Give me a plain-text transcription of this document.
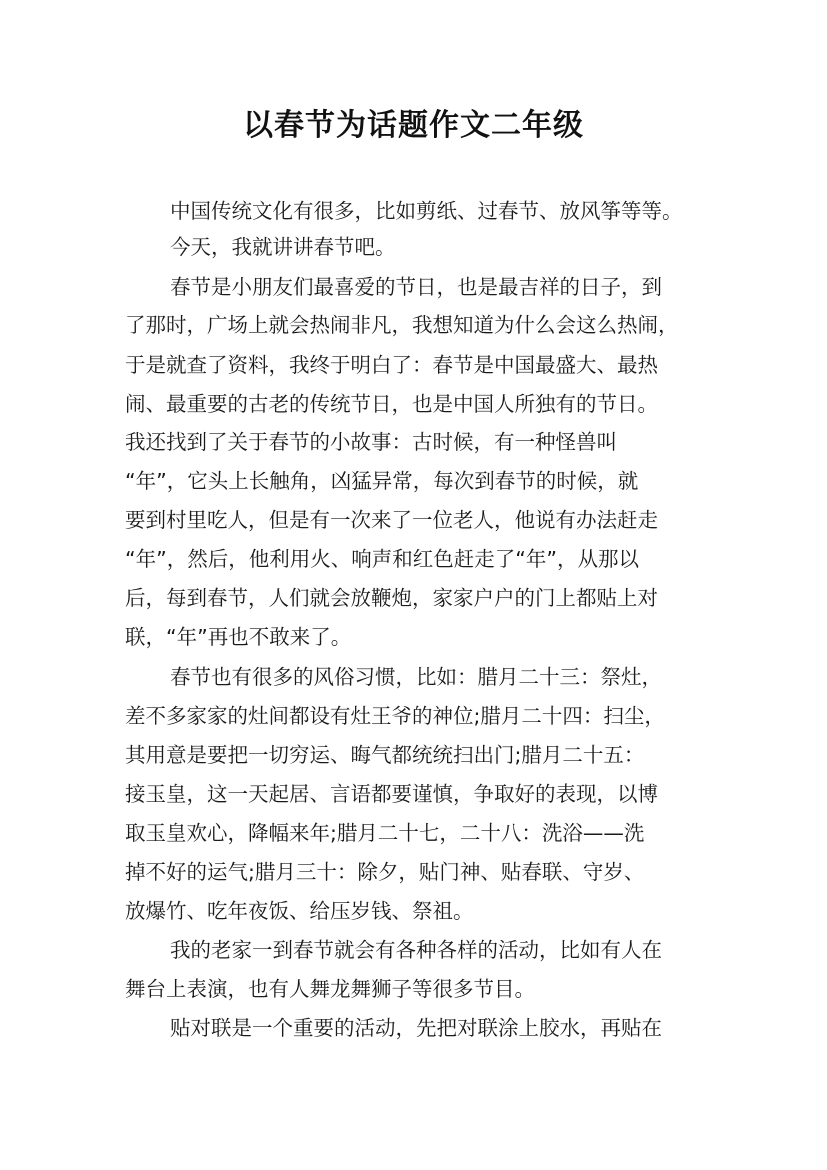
以春节为话题作文二年级
中国传统文化有很多，比如剪纸、过春节、放风筝等等。
今天，我就讲讲春节吧。
春节是小朋友们最喜爱的节日，也是最吉祥的日子，到
了那时，广场上就会热闹非凡，我想知道为什么会这么热闹，
于是就查了资料，我终于明白了：春节是中国最盛大、最热
闹、最重要的古老的传统节日，也是中国人所独有的节日。
我还找到了关于春节的小故事：古时候，有一种怪兽叫
“年”，它头上长触角，凶猛异常，每次到春节的时候，就
要到村里吃人，但是有一次来了一位老人，他说有办法赶走
“年”，然后，他利用火、响声和红色赶走了“年”，从那以
后，每到春节，人们就会放鞭炮，家家户户的门上都贴上对
联，“年”再也不敢来了。
春节也有很多的风俗习惯，比如：腊月二十三：祭灶，
差不多家家的灶间都设有灶王爷的神位;腊月二十四：扫尘，
其用意是要把一切穷运、晦气都统统扫出门;腊月二十五：
接玉皇，这一天起居、言语都要谨慎，争取好的表现，以博
取玉皇欢心，降幅来年;腊月二十七，二十八：洗浴——洗
掉不好的运气;腊月三十：除夕，贴门神、贴春联、守岁、
放爆竹、吃年夜饭、给压岁钱、祭祖。
我的老家一到春节就会有各种各样的活动，比如有人在
舞台上表演，也有人舞龙舞狮子等很多节目。
贴对联是一个重要的活动，先把对联涂上胶水，再贴在
